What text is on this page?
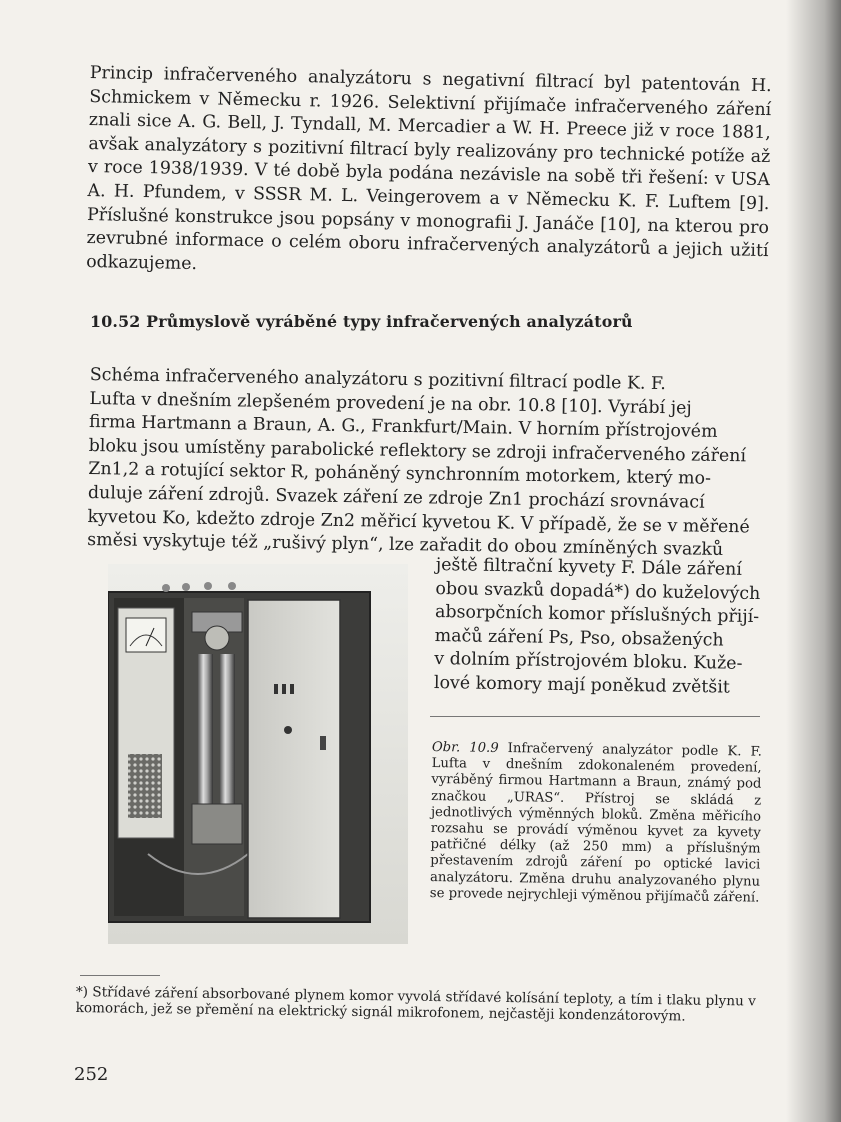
Princip infračerveného analyzátoru s negativní filtrací byl patentován H. Schmickem v Německu r. 1926. Selektivní přijímače infračerveného záření znali sice A. G. Bell, J. Tyndall, M. Mercadier a W. H. Preece již v roce 1881, avšak analyzátory s pozitivní filtrací byly realizovány pro technické potíže až v roce 1938/1939. V té době byla podána nezávisle na sobě tři řešení: v USA A. H. Pfundem, v SSSR M. L. Veingerovem a v Německu K. F. Luftem [9]. Příslušné konstrukce jsou popsány v monografii J. Janáče [10], na kterou pro zevrubné informace o celém oboru infračervených analyzátorů a jejich užití odkazujeme.

10.52 Průmyslově vyráběné typy infračervených analyzátorů

Schéma infračerveného analyzátoru s pozitivní filtrací podle K. F.
Lufta v dnešním zlepšeném provedení je na obr. 10.8 [10]. Vyrábí jej
firma Hartmann a Braun, A. G., Frankfurt/Main. V horním přístrojovém
bloku jsou umístěny parabolické reflektory se zdroji infračerveného záření
Zn1,2 a rotující sektor R, poháněný synchronním motorkem, který mo-
duluje záření zdrojů. Svazek záření ze zdroje Zn1 prochází srovnávací
kyvetou Ko, kdežto zdroje Zn2 měřicí kyvetou K. V případě, že se v měřené
směsi vyskytuje též „rušivý plyn“, lze zařadit do obou zmíněných svazků

ještě filtrační kyvety F. Dále záření
obou svazků dopadá*) do kuželových
absorpčních komor příslušných přijí-
mačů záření Ps, Pso, obsažených
v dolním přístrojovém bloku. Kuže-
lové komory mají poněkud zvětšit

Obr. 10.9 Infračervený analyzátor podle K. F. Lufta v dnešním zdokonaleném provedení, vyráběný firmou Hartmann a Braun, známý pod značkou „URAS“. Přístroj se skládá z jednotlivých výměnných bloků. Změna měřicího rozsahu se provádí výměnou kyvet za kyvety patřičné délky (až 250 mm) a příslušným přestavením zdrojů záření po optické lavici analyzátoru. Změna druhu analyzovaného plynu se provede nejrychleji výměnou přijímačů záření.

*) Střídavé záření absorbované plynem komor vyvolá střídavé kolísání teploty, a tím i tlaku plynu v komorách, jež se přemění na elektrický signál mikrofonem, nejčastěji kondenzátorovým.

252
